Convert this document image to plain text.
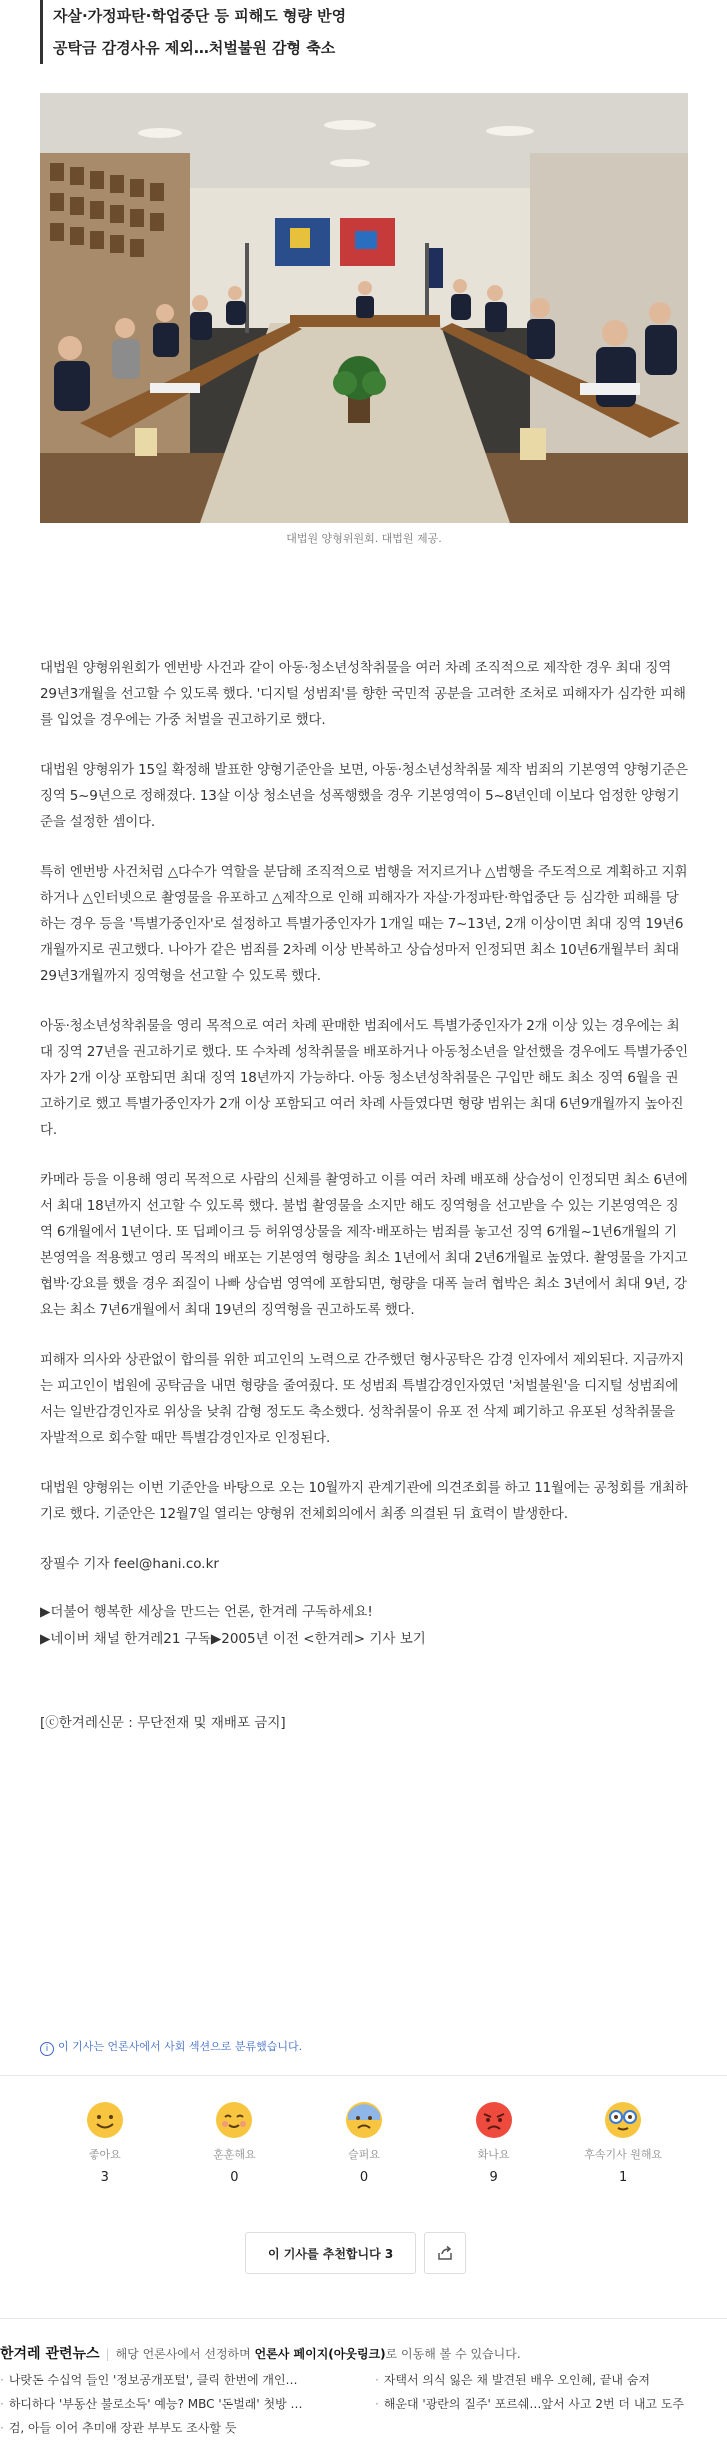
자살·가정파탄·학업중단 등 피해도 형량 반영
공탁금 감경사유 제외…처벌불원 감형 축소
대법원 양형위원회. 대법원 제공.

대법원 양형위원회가 엔번방 사건과 같이 아동·청소년성착취물을 여러 차례 조직적으로 제작한 경우 최대 징역 29년3개월을 선고할 수 있도록 했다. '디지털 성범죄'를 향한 국민적 공분을 고려한 조처로 피해자가 심각한 피해를 입었을 경우에는 가중 처벌을 권고하기로 했다.

대법원 양형위가 15일 확정해 발표한 양형기준안을 보면, 아동·청소년성착취물 제작 범죄의 기본영역 양형기준은 징역 5~9년으로 정해졌다. 13살 이상 청소년을 성폭행했을 경우 기본영역이 5~8년인데 이보다 엄정한 양형기준을 설정한 셈이다.

특히 엔번방 사건처럼 △다수가 역할을 분담해 조직적으로 범행을 저지르거나 △범행을 주도적으로 계획하고 지휘하거나 △인터넷으로 촬영물을 유포하고 △제작으로 인해 피해자가 자살·가정파탄·학업중단 등 심각한 피해를 당하는 경우 등을 '특별가중인자'로 설정하고 특별가중인자가 1개일 때는 7~13년, 2개 이상이면 최대 징역 19년6개월까지로 권고했다. 나아가 같은 범죄를 2차례 이상 반복하고 상습성마저 인정되면 최소 10년6개월부터 최대 29년3개월까지 징역형을 선고할 수 있도록 했다.

아동·청소년성착취물을 영리 목적으로 여러 차례 판매한 범죄에서도 특별가중인자가 2개 이상 있는 경우에는 최대 징역 27년을 권고하기로 했다. 또 수차례 성착취물을 배포하거나 아동청소년을 알선했을 경우에도 특별가중인자가 2개 이상 포함되면 최대 징역 18년까지 가능하다. 아동 청소년성착취물은 구입만 해도 최소 징역 6월을 권고하기로 했고 특별가중인자가 2개 이상 포함되고 여러 차례 사들였다면 형량 범위는 최대 6년9개월까지 높아진다.

카메라 등을 이용해 영리 목적으로 사람의 신체를 촬영하고 이를 여러 차례 배포해 상습성이 인정되면 최소 6년에서 최대 18년까지 선고할 수 있도록 했다. 불법 촬영물을 소지만 해도 징역형을 선고받을 수 있는 기본영역은 징역 6개월에서 1년이다. 또 딥페이크 등 허위영상물을 제작·배포하는 범죄를 놓고선 징역 6개월~1년6개월의 기본영역을 적용했고 영리 목적의 배포는 기본영역 형량을 최소 1년에서 최대 2년6개월로 높였다. 촬영물을 가지고 협박·강요를 했을 경우 죄질이 나빠 상습범 영역에 포함되면, 형량을 대폭 늘려 협박은 최소 3년에서 최대 9년, 강요는 최소 7년6개월에서 최대 19년의 징역형을 권고하도록 했다.

피해자 의사와 상관없이 합의를 위한 피고인의 노력으로 간주했던 형사공탁은 감경 인자에서 제외된다. 지금까지는 피고인이 법원에 공탁금을 내면 형량을 줄여줬다. 또 성범죄 특별감경인자였던 '처벌불원'을 디지털 성범죄에서는 일반감경인자로 위상을 낮춰 감형 정도도 축소했다. 성착취물이 유포 전 삭제 폐기하고 유포된 성착취물을 자발적으로 회수할 때만 특별감경인자로 인정된다.

대법원 양형위는 이번 기준안을 바탕으로 오는 10월까지 관계기관에 의견조회를 하고 11월에는 공청회를 개최하기로 했다. 기준안은 12월7일 열리는 양형위 전체회의에서 최종 의결된 뒤 효력이 발생한다.

장필수 기자 feel@hani.co.kr
▶더불어 행복한 세상을 만드는 언론, 한겨레 구독하세요!
▶네이버 채널 한겨레21 구독▶2005년 이전 <한겨레> 기사 보기
[ⓒ한겨레신문 : 무단전재 및 재배포 금지]
i 이 기사는 언론사에서 사회 섹션으로 분류했습니다.
좋아요
3
훈훈해요
0
슬퍼요
0
화나요
9
후속기사 원해요
1
이 기사를 추천합니다 3
한겨레 관련뉴스 | 해당 언론사에서 선정하며 언론사 페이지(아웃링크)로 이동해 볼 수 있습니다.
· 나랏돈 수십억 들인 '정보공개포털', 클릭 한번에 개인…	· 자택서 의식 잃은 채 발견된 배우 오인혜, 끝내 숨져
· 하디하다 '부동산 불로소득' 예능? MBC '돈벌래' 첫방 …	· 해운대 '광란의 질주' 포르쉐…앞서 사고 2번 더 내고 도주
· 검, 아들 이어 추미애 장관 부부도 조사할 듯
